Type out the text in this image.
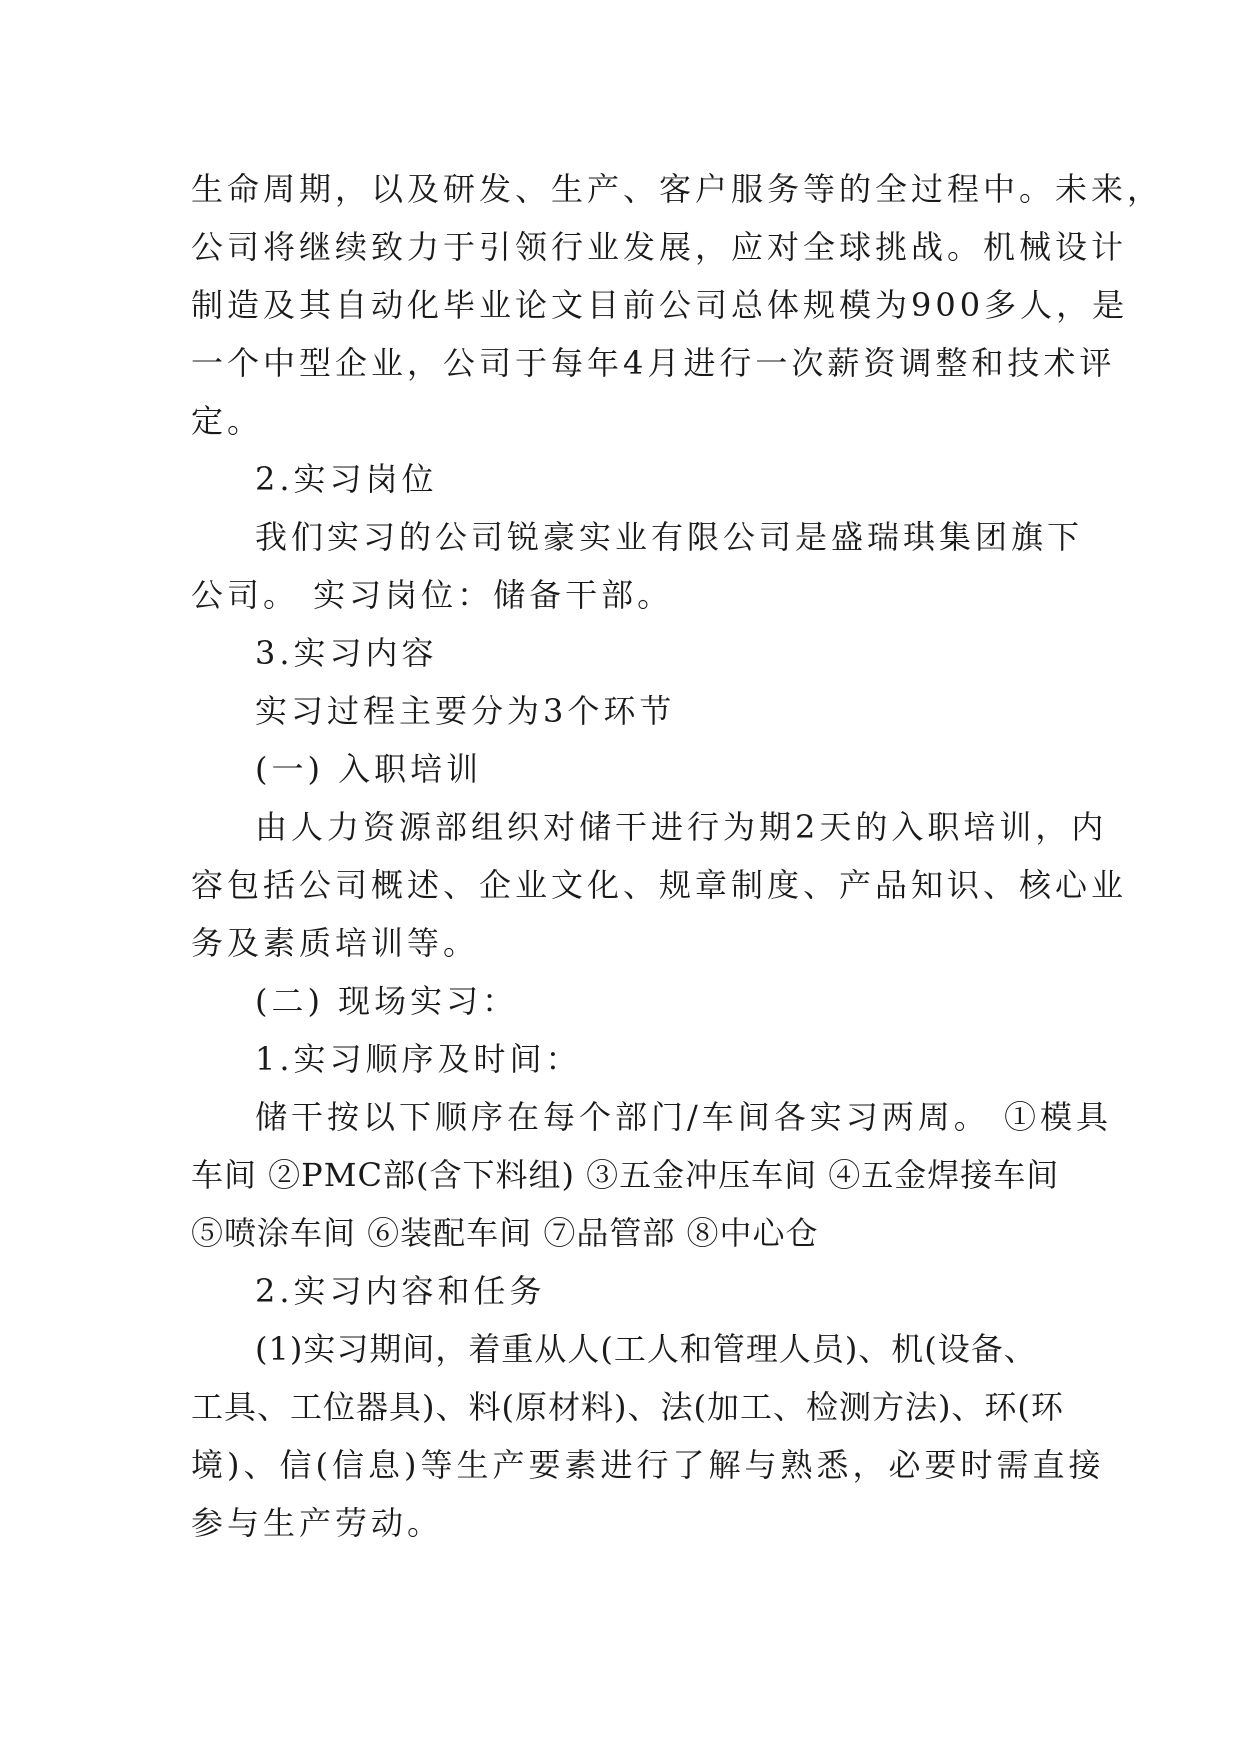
生命周期，以及研发、生产、客户服务等的全过程中。未来，
公司将继续致力于引领行业发展，应对全球挑战。机械设计
制造及其自动化毕业论文目前公司总体规模为900多人，是
一个中型企业，公司于每年4月进行一次薪资调整和技术评
定。
2.实习岗位
我们实习的公司锐豪实业有限公司是盛瑞琪集团旗下
公司。 实习岗位：储备干部。
3.实习内容
实习过程主要分为3个环节
(一) 入职培训
由人力资源部组织对储干进行为期2天的入职培训，内
容包括公司概述、企业文化、规章制度、产品知识、核心业
务及素质培训等。
(二) 现场实习：
1.实习顺序及时间：
储干按以下顺序在每个部门/车间各实习两周。 ①模具
车间 ②PMC部(含下料组) ③五金冲压车间 ④五金焊接车间
⑤喷涂车间 ⑥装配车间 ⑦品管部 ⑧中心仓
2.实习内容和任务
(1)实习期间，着重从人(工人和管理人员)、机(设备、
工具、工位器具)、料(原材料)、法(加工、检测方法)、环(环
境)、信(信息)等生产要素进行了解与熟悉，必要时需直接
参与生产劳动。
